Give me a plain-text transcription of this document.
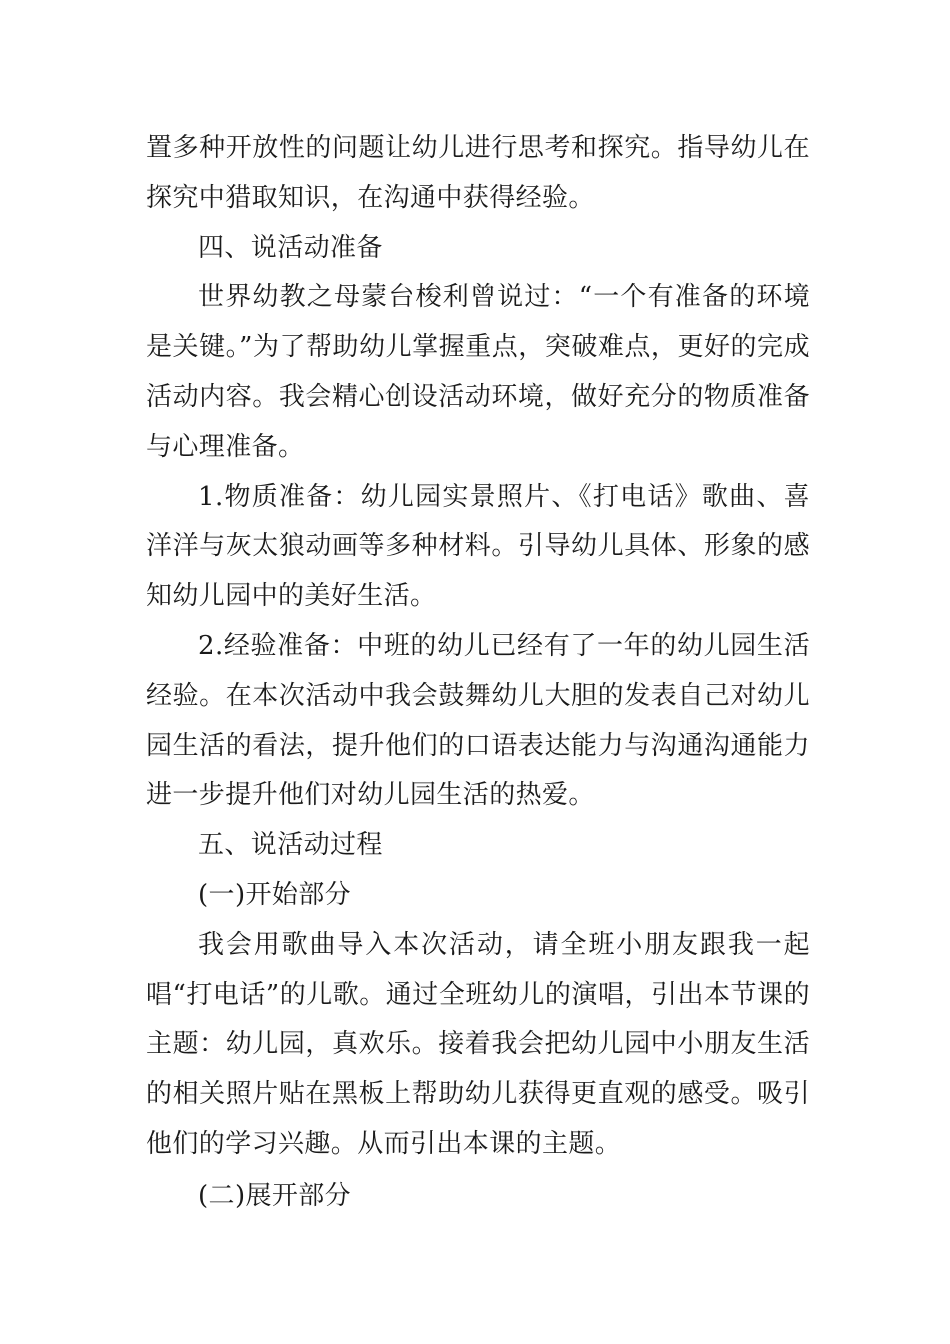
置多种开放性的问题让幼儿进行思考和探究。指导幼儿在探究中猎取知识，在沟通中获得经验。

四、说活动准备

世界幼教之母蒙台梭利曾说过：“一个有准备的环境是关键。”为了帮助幼儿掌握重点，突破难点，更好的完成活动内容。我会精心创设活动环境，做好充分的物质准备与心理准备。

1.物质准备：幼儿园实景照片、《打电话》歌曲、喜洋洋与灰太狼动画等多种材料。引导幼儿具体、形象的感知幼儿园中的美好生活。

2.经验准备：中班的幼儿已经有了一年的幼儿园生活经验。在本次活动中我会鼓舞幼儿大胆的发表自己对幼儿园生活的看法，提升他们的口语表达能力与沟通沟通能力进一步提升他们对幼儿园生活的热爱。

五、说活动过程

(一)开始部分

我会用歌曲导入本次活动，请全班小朋友跟我一起唱“打电话”的儿歌。通过全班幼儿的演唱，引出本节课的主题：幼儿园，真欢乐。接着我会把幼儿园中小朋友生活的相关照片贴在黑板上帮助幼儿获得更直观的感受。吸引他们的学习兴趣。从而引出本课的主题。

(二)展开部分
